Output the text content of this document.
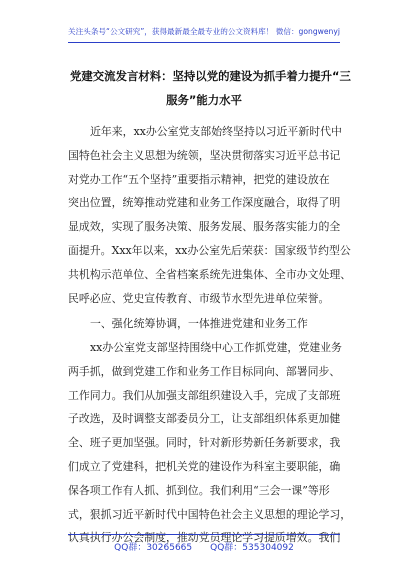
关注头条号“公文研究”，获得最新最全最专业的公文资料库！ 微信：gongwenyj
党建交流发言材料：坚持以党的建设为抓手着力提升“三
服务”能力水平
近年来，xx办公室党支部始终坚持以习近平新时代中
国特色社会主义思想为统领，坚决贯彻落实习近平总书记
对党办工作“五个坚持”重要指示精神，把党的建设放在
突出位置，统筹推动党建和业务工作深度融合，取得了明
显成效，实现了服务决策、服务发展、服务落实能力的全
面提升。Xxx年以来，xx办公室先后荣获：国家级节约型公
共机构示范单位、全省档案系统先进集体、全市办文处理、
民呼必应、党史宣传教育、市级节水型先进单位荣誉。
一、强化统筹协调，一体推进党建和业务工作
xx办公室党支部坚持围绕中心工作抓党建，党建业务
两手抓，做到党建工作和业务工作目标同向、部署同步、
工作同力。我们从加强支部组织建设入手，完成了支部班
子改选，及时调整支部委员分工，让支部组织体系更加健
全、班子更加坚强。同时，针对新形势新任务新要求，我
们成立了党建科，把机关党的建设作为科室主要职能，确
保各项工作有人抓、抓到位。我们利用“三会一课”等形
式，狠抓习近平新时代中国特色社会主义思想的理论学习，
认真执行办公会制度，推动党员理论学习提质增效。我们
QQ群：30265665 QQ群：535304092
